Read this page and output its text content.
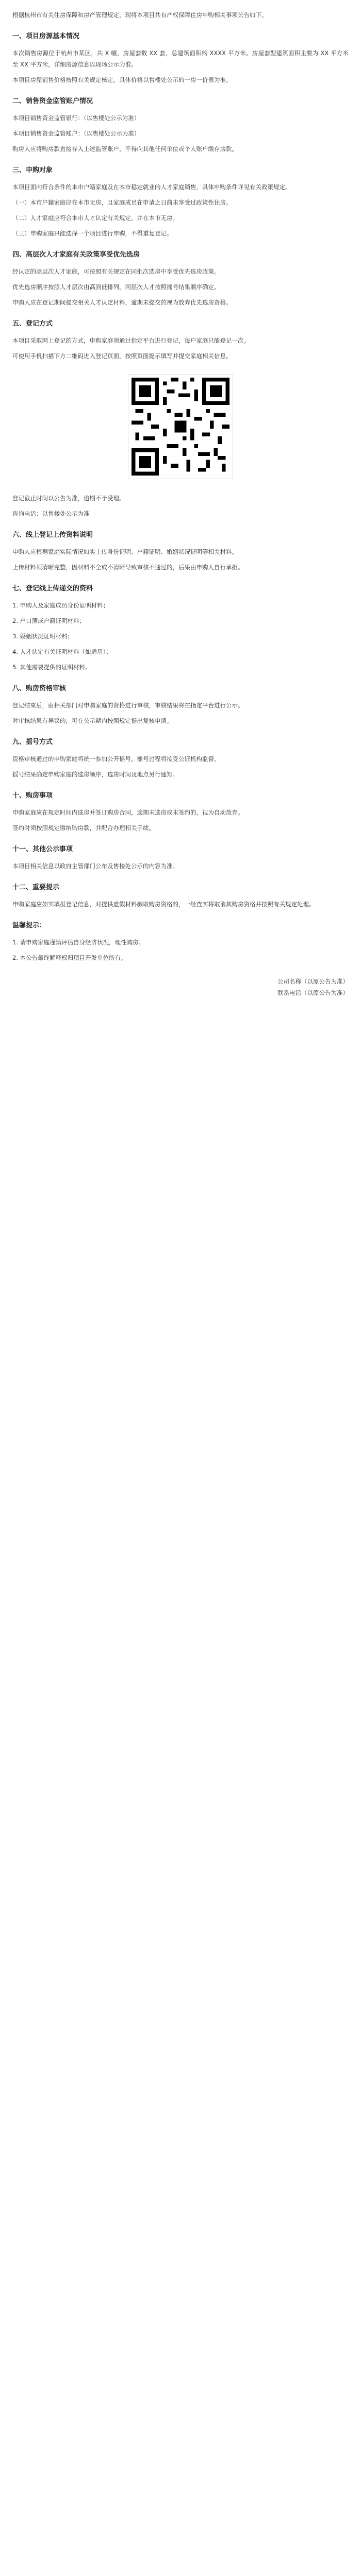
根据杭州市有关住房保障和房产管理规定，现将本项目共有产权保障住房申购相关事项公告如下。

一、项目房源基本情况

本次销售房源位于杭州市某区，共 X 幢，房屋套数 XX 套，总建筑面积约 XXXX 平方米。房屋套型建筑面积主要为 XX 平方米至 XX 平方米，详细房源信息以现场公示为准。

本项目房屋销售价格按照有关规定核定，具体价格以售楼处公示的一房一价表为准。

二、销售资金监管账户情况

本项目销售资金监管银行：（以售楼处公示为准）

本项目销售资金监管账户：（以售楼处公示为准）

购房人应将购房款直接存入上述监管账户，不得向其他任何单位或个人账户缴存房款。

三、申购对象

本项目面向符合条件的本市户籍家庭及在本市稳定就业的人才家庭销售，具体申购条件详见有关政策规定。

（一）本市户籍家庭应在本市无房，且家庭成员在申请之日前未享受过政策性住房。

（二）人才家庭应符合本市人才认定有关规定，并在本市无房。

（三）申购家庭只能选择一个项目进行申购，不得重复登记。

四、高层次人才家庭有关政策享受优先选房

经认定的高层次人才家庭，可按照有关规定在同批次选房中享受优先选房政策。

优先选房顺序按照人才层次由高到低排列，同层次人才按照摇号结果顺序确定。

申购人应在登记期间提交相关人才认定材料，逾期未提交的视为放弃优先选房资格。

五、登记方式

本项目采取网上登记的方式，申购家庭须通过指定平台进行登记，每户家庭只能登记一次。

可使用手机扫描下方二维码进入登记页面，按照页面提示填写并提交家庭相关信息。

登记截止时间以公告为准，逾期不予受理。

咨询电话：以售楼处公示为准

六、线上登记上传资料说明

申购人应根据家庭实际情况如实上传身份证明、户籍证明、婚姻状况证明等相关材料。

上传材料须清晰完整，因材料不全或不清晰导致审核不通过的，后果由申购人自行承担。

七、登记线上传递交的资料

1. 申购人及家庭成员身份证明材料；

2. 户口簿或户籍证明材料；

3. 婚姻状况证明材料；

4. 人才认定有关证明材料（如适用）；

5. 其他需要提供的证明材料。

八、购房资格审核

登记结束后，由相关部门对申购家庭的资格进行审核，审核结果将在指定平台进行公示。

对审核结果有异议的，可在公示期内按照规定提出复核申请。

九、摇号方式

资格审核通过的申购家庭将统一参加公开摇号，摇号过程将接受公证机构监督。

摇号结果确定申购家庭的选房顺序，选房时间及地点另行通知。

十、购房事项

申购家庭应在规定时间内选房并签订购房合同，逾期未选房或未签约的，视为自动放弃。

签约时须按照规定缴纳购房款，并配合办理相关手续。

十一、其他公示事项

本项目相关信息以政府主管部门公布及售楼处公示的内容为准。

十二、重要提示

申购家庭应如实填报登记信息，对提供虚假材料骗取购房资格的，一经查实将取消其购房资格并按照有关规定处理。

温馨提示：

1. 请申购家庭谨慎评估自身经济状况，理性购房。

2. 本公告最终解释权归项目开发单位所有。

公司名称（以原公告为准）
联系电话（以原公告为准）
